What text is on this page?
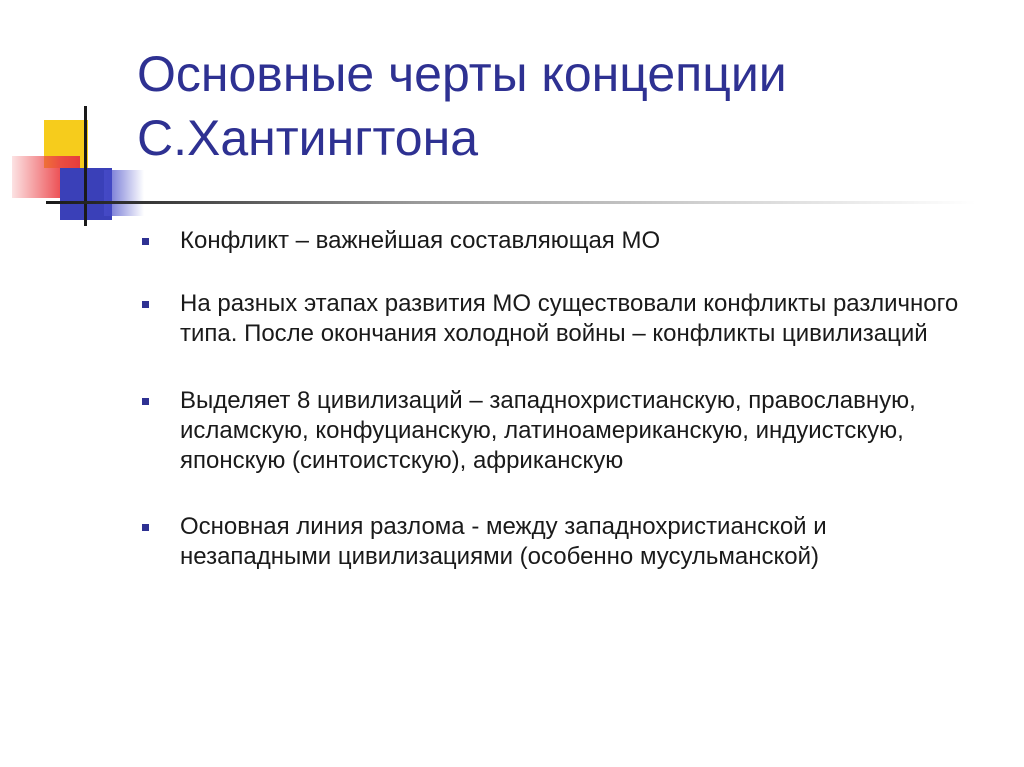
Основные черты концепции
С.Хантингтона
Конфликт – важнейшая составляющая МО
На разных этапах развития МО существовали конфликты различного типа. После окончания холодной войны – конфликты цивилизаций
Выделяет 8 цивилизаций – западнохристианскую, православную, исламскую, конфуцианскую, латиноамериканскую, индуистскую, японскую (синтоистскую), африканскую
Основная линия разлома - между западнохристианской и незападными цивилизациями (особенно мусульманской)
